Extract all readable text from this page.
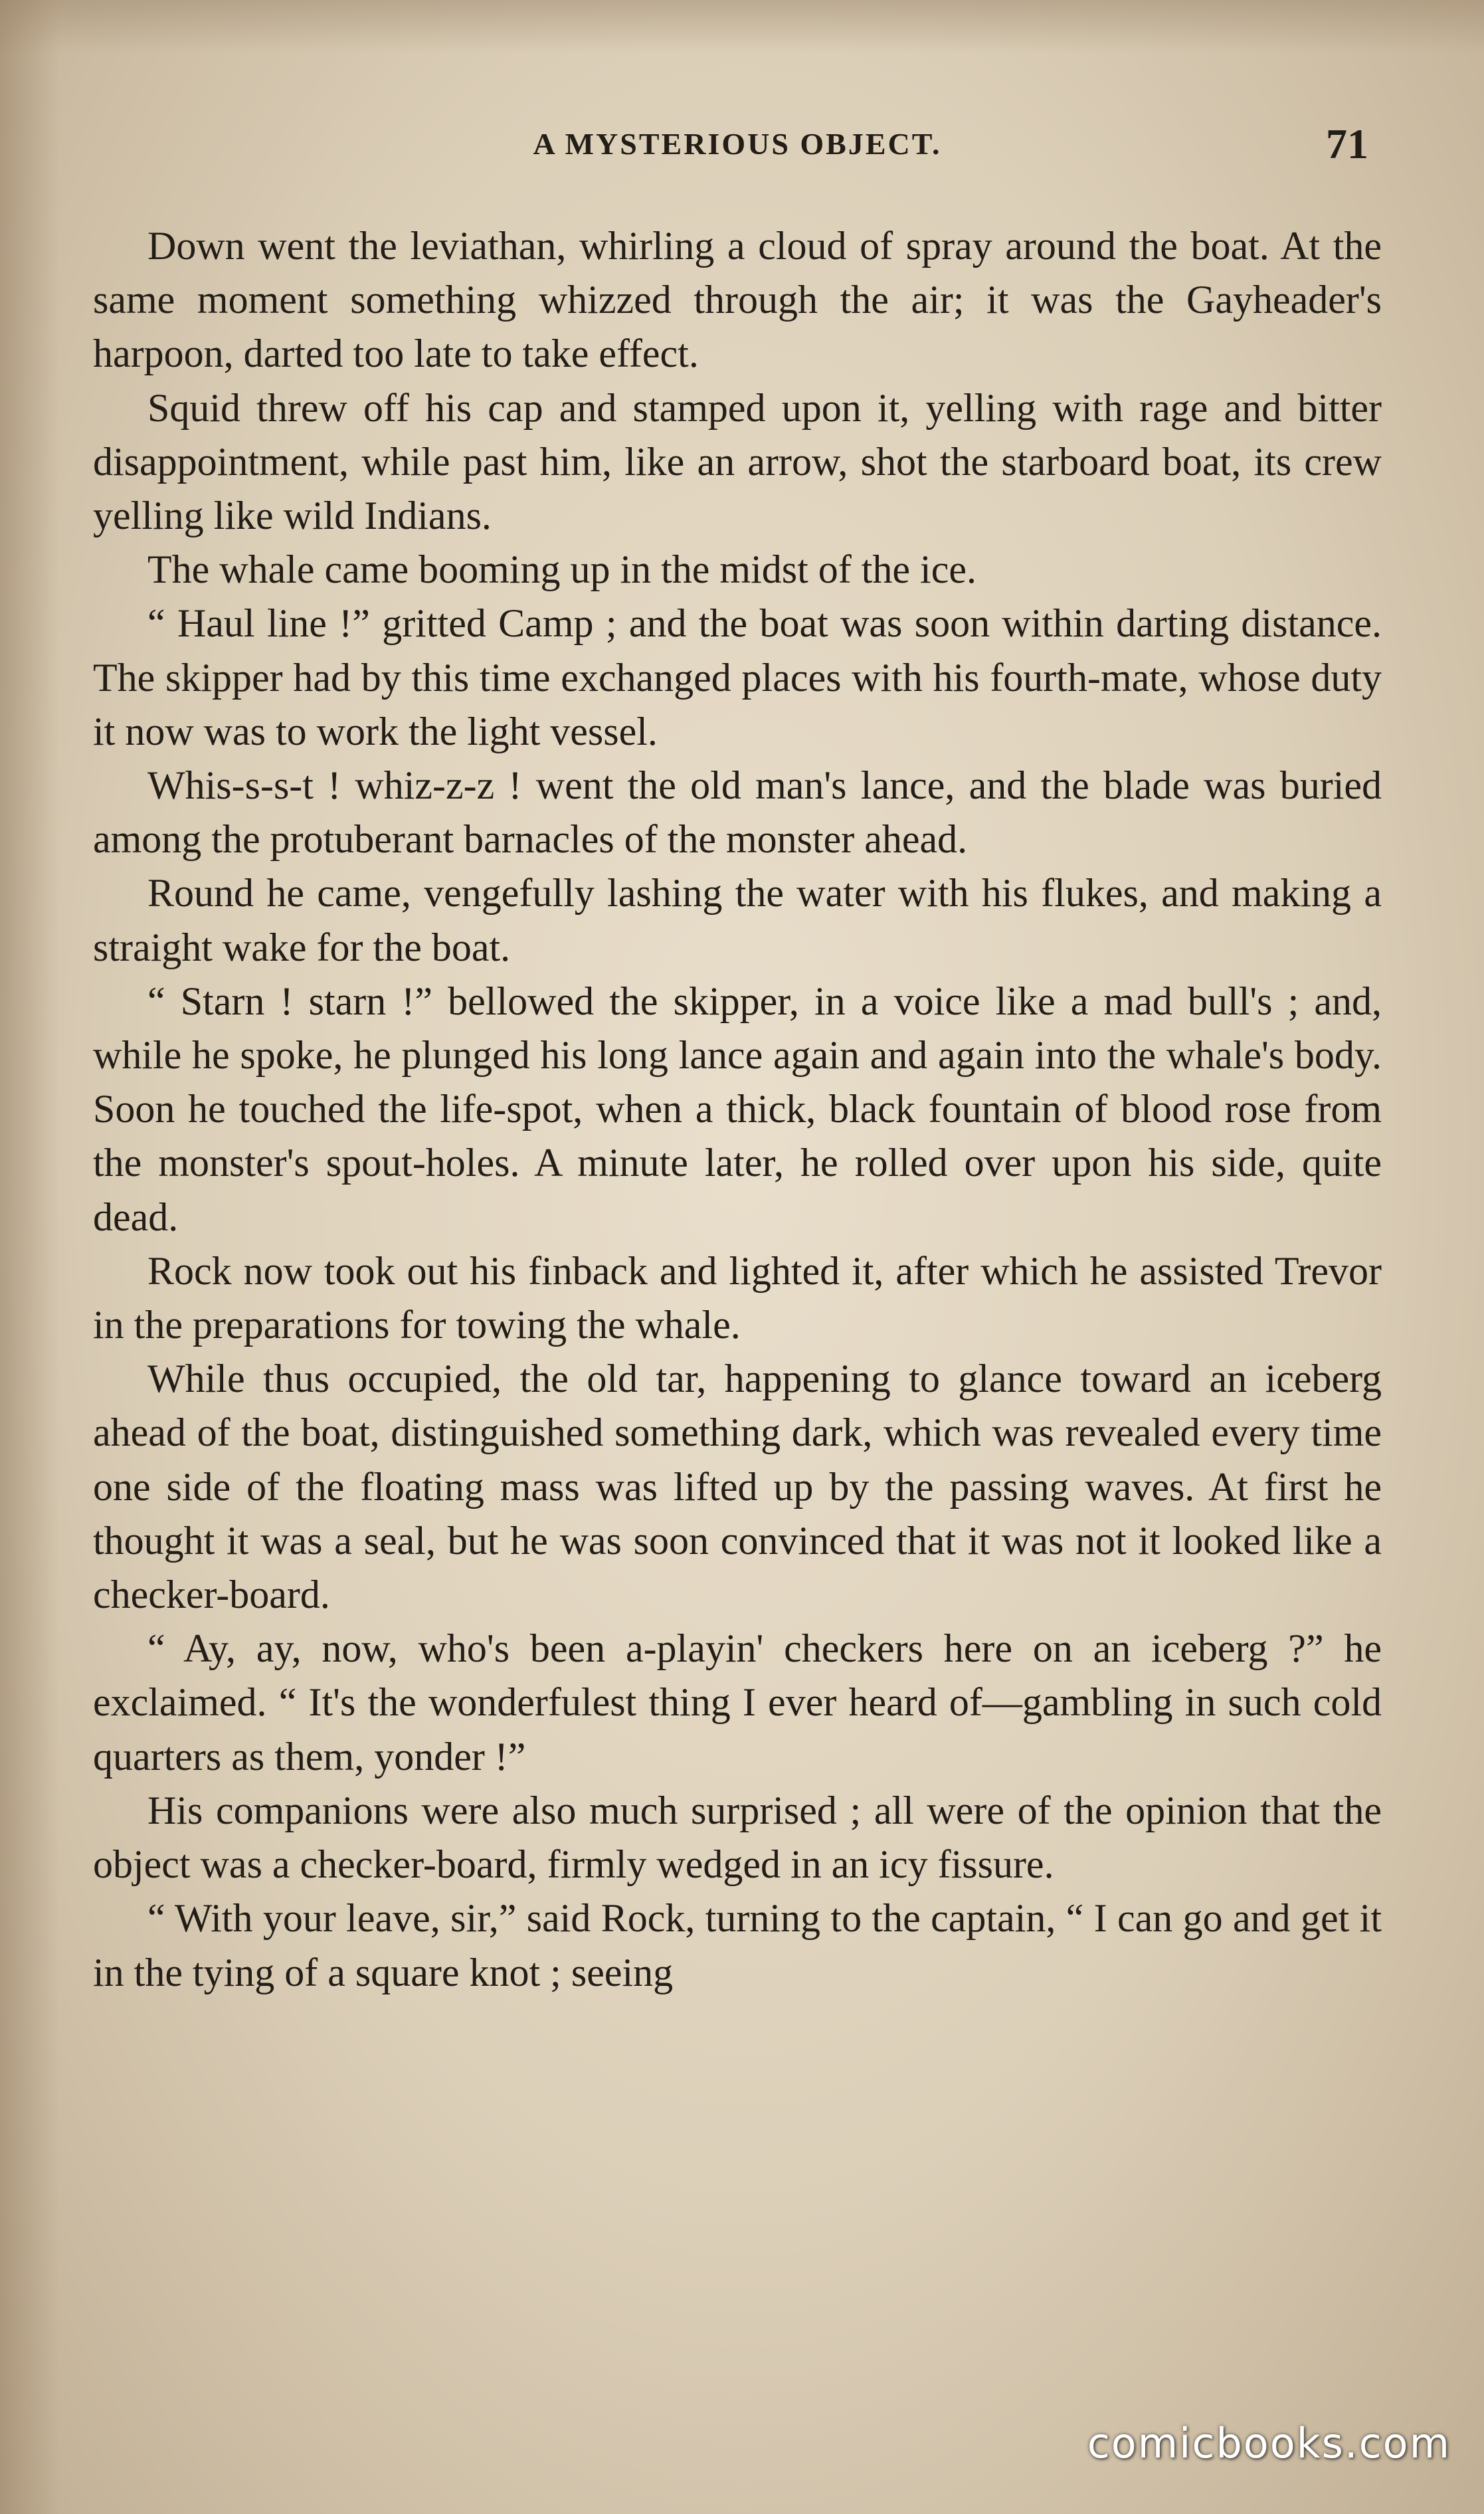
A MYSTERIOUS OBJECT.	71

Down went the leviathan, whirling a cloud of spray around the boat. At the same moment something whizzed through the air; it was the Gayheader's harpoon, darted too late to take effect.

Squid threw off his cap and stamped upon it, yelling with rage and bitter disappointment, while past him, like an arrow, shot the starboard boat, its crew yelling like wild Indians.

The whale came booming up in the midst of the ice.

“ Haul line !” gritted Camp ; and the boat was soon within darting distance. The skipper had by this time exchanged places with his fourth-mate, whose duty it now was to work the light vessel.

Whis-s-s-t ! whiz-z-z ! went the old man's lance, and the blade was buried among the protuberant barnacles of the monster ahead.

Round he came, vengefully lashing the water with his flukes, and making a straight wake for the boat.

“ Starn ! starn !” bellowed the skipper, in a voice like a mad bull's ; and, while he spoke, he plunged his long lance again and again into the whale's body. Soon he touched the life-spot, when a thick, black fountain of blood rose from the monster's spout-holes. A minute later, he rolled over upon his side, quite dead.

Rock now took out his finback and lighted it, after which he assisted Trevor in the preparations for towing the whale.

While thus occupied, the old tar, happening to glance toward an iceberg ahead of the boat, distinguished something dark, which was revealed every time one side of the floating mass was lifted up by the passing waves. At first he thought it was a seal, but he was soon convinced that it was not it looked like a checker-board.

“ Ay, ay, now, who's been a-playin' checkers here on an iceberg ?” he exclaimed. “ It's the wonderfulest thing I ever heard of—gambling in such cold quarters as them, yonder !”

His companions were also much surprised ; all were of the opinion that the object was a checker-board, firmly wedged in an icy fissure.

“ With your leave, sir,” said Rock, turning to the captain, “ I can go and get it in the tying of a square knot ; seeing

comicbooks.com
